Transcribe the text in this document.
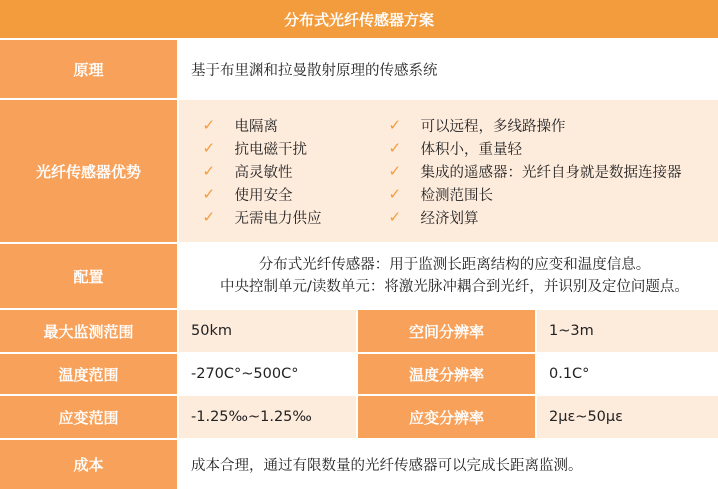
分布式光纤传感器方案
原理	基于布里渊和拉曼散射原理的传感系统
光纤传感器优势
✓	电隔离	✓	可以远程，多线路操作
✓	抗电磁干扰	✓	体积小，重量轻
✓	高灵敏性	✓	集成的遥感器：光纤自身就是数据连接器
✓	使用安全	✓	检测范围长
✓	无需电力供应	✓	经济划算
配置
分布式光纤传感器：用于监测长距离结构的应变和温度信息。
中央控制单元/读数单元：将激光脉冲耦合到光纤，并识别及定位问题点。
最大监测范围	50km	空间分辨率	1~3m
温度范围	-270C°~500C°	温度分辨率	0.1C°
应变范围	-1.25‰~1.25‰	应变分辨率	2με~50με
成本	成本合理，通过有限数量的光纤传感器可以完成长距离监测。
